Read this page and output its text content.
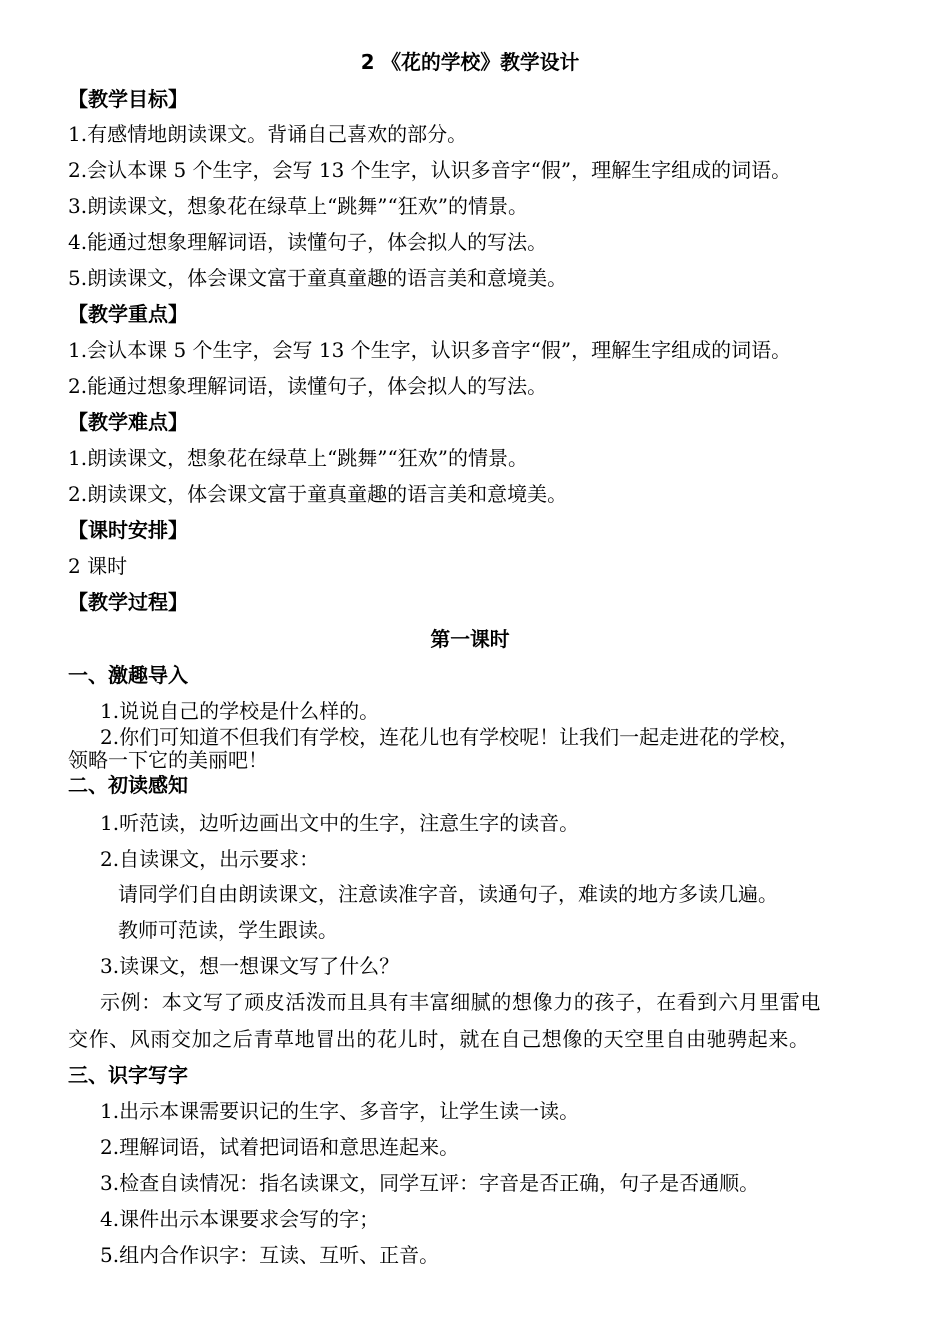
2 《花的学校》教学设计
【教学目标】
1.有感情地朗读课文。背诵自己喜欢的部分。
2.会认本课 5 个生字，会写 13 个生字，认识多音字“假”，理解生字组成的词语。
3.朗读课文，想象花在绿草上“跳舞”“狂欢”的情景。
4.能通过想象理解词语，读懂句子，体会拟人的写法。
5.朗读课文，体会课文富于童真童趣的语言美和意境美。
【教学重点】
1.会认本课 5 个生字，会写 13 个生字，认识多音字“假”，理解生字组成的词语。
2.能通过想象理解词语，读懂句子，体会拟人的写法。
【教学难点】
1.朗读课文，想象花在绿草上“跳舞”“狂欢”的情景。
2.朗读课文，体会课文富于童真童趣的语言美和意境美。
【课时安排】
2 课时
【教学过程】
第一课时
一、激趣导入
1.说说自己的学校是什么样的。
2.你们可知道不但我们有学校，连花儿也有学校呢！让我们一起走进花的学校，
领略一下它的美丽吧！
二、初读感知
1.听范读，边听边画出文中的生字，注意生字的读音。
2.自读课文，出示要求：
请同学们自由朗读课文，注意读准字音，读通句子，难读的地方多读几遍。
教师可范读，学生跟读。
3.读课文，想一想课文写了什么？
示例：本文写了顽皮活泼而且具有丰富细腻的想像力的孩子，在看到六月里雷电
交作、风雨交加之后青草地冒出的花儿时，就在自己想像的天空里自由驰骋起来。
三、识字写字
1.出示本课需要识记的生字、多音字，让学生读一读。
2.理解词语，试着把词语和意思连起来。
3.检查自读情况：指名读课文，同学互评：字音是否正确，句子是否通顺。
4.课件出示本课要求会写的字；
5.组内合作识字：互读、互听、正音。
